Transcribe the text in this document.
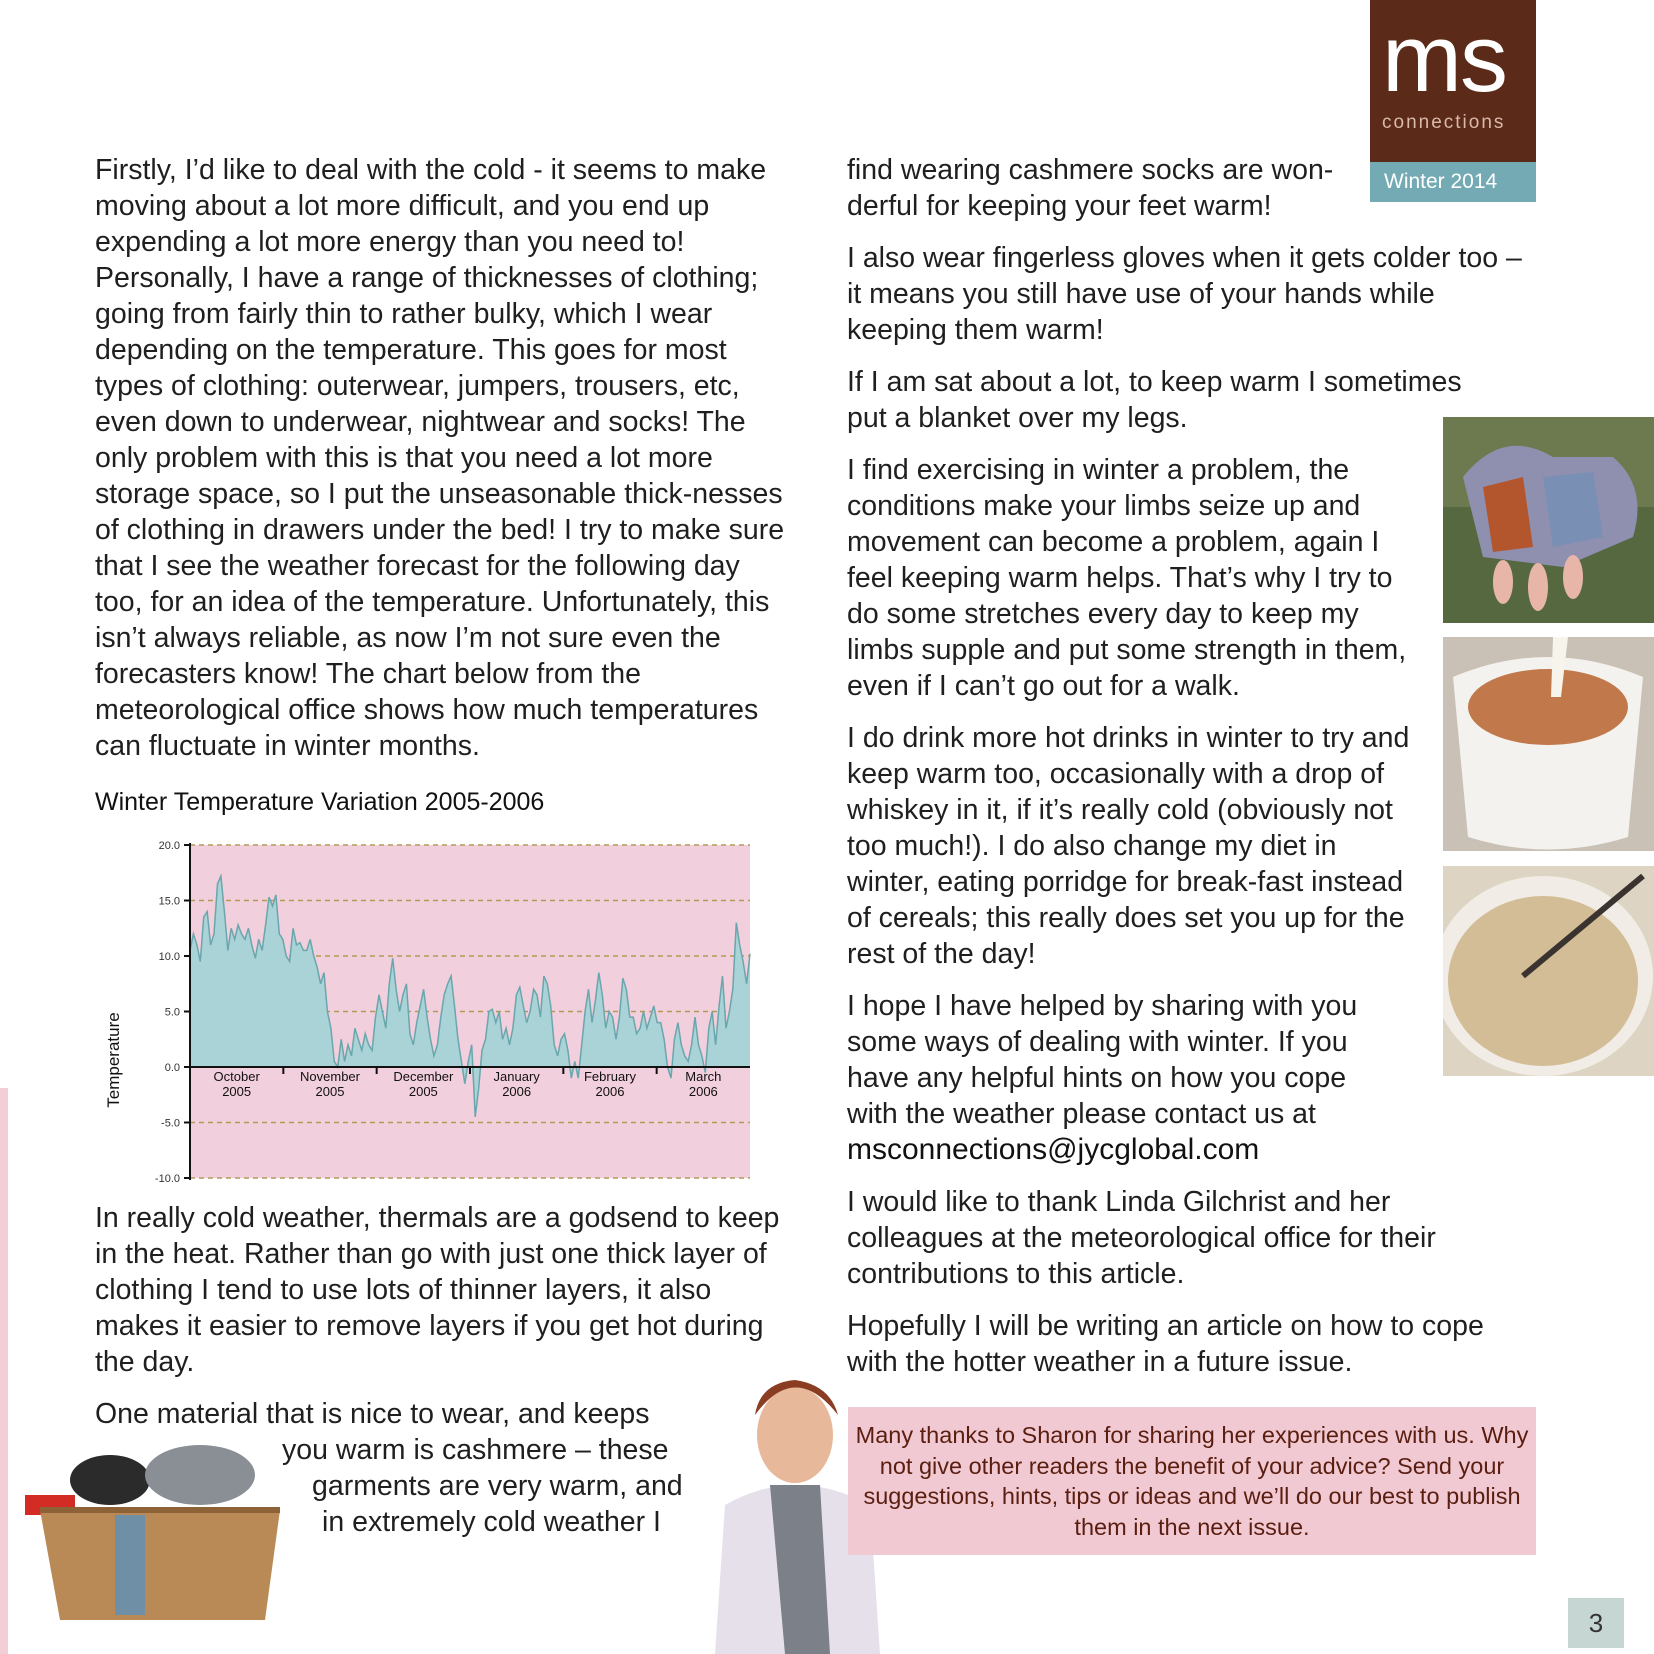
ms
connections
Winter 2014

Firstly, I’d like to deal with the cold - it seems to make moving about a lot more difficult, and you end up expending a lot more energy than you need to! Personally, I have a range of thicknesses of clothing; going from fairly thin to rather bulky, which I wear depending on the temperature. This goes for most types of clothing: outerwear, jumpers, trousers, etc, even down to underwear, nightwear and socks! The only problem with this is that you need a lot more storage space, so I put the unseasonable thick-nesses of clothing in drawers under the bed! I try to make sure that I see the weather forecast for the following day too, for an idea of the temperature. Unfortunately, this isn’t always reliable, as now I’m not sure even the forecasters know! The chart below from the meteorological office shows how much temperatures can fluctuate in winter months.

Winter Temperature Variation 2005-2006
20.0
15.0
10.0
5.0
0.0
-5.0
-10.0
October
2005
November
2005
December
2005
January
2006
February
2006
March
2006
Temperature
In really cold weather, thermals are a godsend to keep in the heat. Rather than go with just one thick layer of clothing I tend to use lots of thinner layers, it also makes it easier to remove layers if you get hot during the day.
One material that is nice to wear, and keeps
you warm is cashmere – these
garments are very warm, and
in extremely cold weather I

find wearing cashmere socks are won-derful for keeping your feet warm!

I also wear fingerless gloves when it gets colder too – it means you still have use of your hands while keeping them warm!

If I am sat about a lot, to keep warm I sometimes put a blanket over my legs.

I find exercising in winter a problem, the conditions make your limbs seize up and movement can become a problem, again I feel keeping warm helps. That’s why I try to do some stretches every day to keep my limbs supple and put some strength in them, even if I can’t go out for a walk.

I do drink more hot drinks in winter to try and keep warm too, occasionally with a drop of whiskey in it, if it’s really cold (obviously not too much!). I do also change my diet in winter, eating porridge for break-fast instead of cereals; this really does set you up for the rest of the day!

I hope I have helped by sharing with you some ways of dealing with winter. If you have any helpful hints on how you cope with the weather please contact us at

msconnections@jycglobal.com

I would like to thank Linda Gilchrist and her colleagues at the meteorological office for their contributions to this article.

Hopefully I will be writing an article on how to cope with the hotter weather in a future issue.

Many thanks to Sharon for sharing her experiences with us. Why not give other readers the benefit of your advice? Send your suggestions, hints, tips or ideas and we’ll do our best to publish them in the next issue.
3
